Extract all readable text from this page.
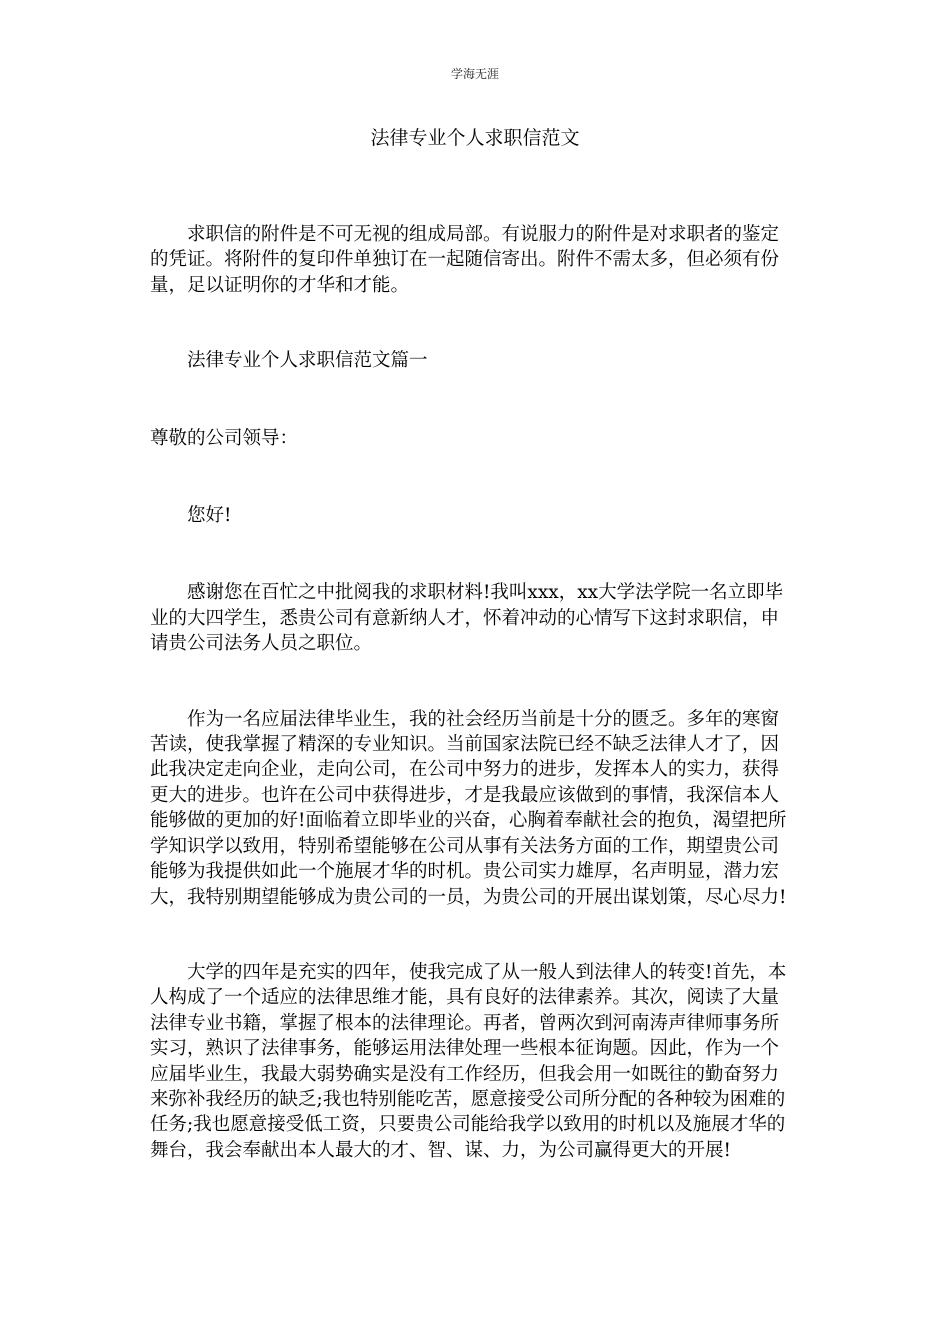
学海无涯
法律专业个人求职信范文

求职信的附件是不可无视的组成局部。有说服力的附件是对求职者的鉴定的凭证。将附件的复印件单独订在一起随信寄出。附件不需太多，但必须有份量，足以证明你的才华和才能。

法律专业个人求职信范文篇一

尊敬的公司领导：

您好!

感谢您在百忙之中批阅我的求职材料!我叫xxx，xx大学法学院一名立即毕业的大四学生，悉贵公司有意新纳人才，怀着冲动的心情写下这封求职信，申请贵公司法务人员之职位。

作为一名应届法律毕业生，我的社会经历当前是十分的匮乏。多年的寒窗苦读，使我掌握了精深的专业知识。当前国家法院已经不缺乏法律人才了，因此我决定走向企业，走向公司，在公司中努力的进步，发挥本人的实力，获得更大的进步。也许在公司中获得进步，才是我最应该做到的事情，我深信本人能够做的更加的好!面临着立即毕业的兴奋，心胸着奉献社会的抱负，渴望把所学知识学以致用，特别希望能够在公司从事有关法务方面的工作，期望贵公司能够为我提供如此一个施展才华的时机。贵公司实力雄厚，名声明显，潜力宏大，我特别期望能够成为贵公司的一员，为贵公司的开展出谋划策，尽心尽力!

大学的四年是充实的四年，使我完成了从一般人到法律人的转变!首先，本人构成了一个适应的法律思维才能，具有良好的法律素养。其次，阅读了大量法律专业书籍，掌握了根本的法律理论。再者，曾两次到河南涛声律师事务所实习，熟识了法律事务，能够运用法律处理一些根本征询题。因此，作为一个应届毕业生，我最大弱势确实是没有工作经历，但我会用一如既往的勤奋努力来弥补我经历的缺乏;我也特别能吃苦，愿意接受公司所分配的各种较为困难的任务;我也愿意接受低工资，只要贵公司能给我学以致用的时机以及施展才华的舞台，我会奉献出本人最大的才、智、谋、力，为公司赢得更大的开展!
